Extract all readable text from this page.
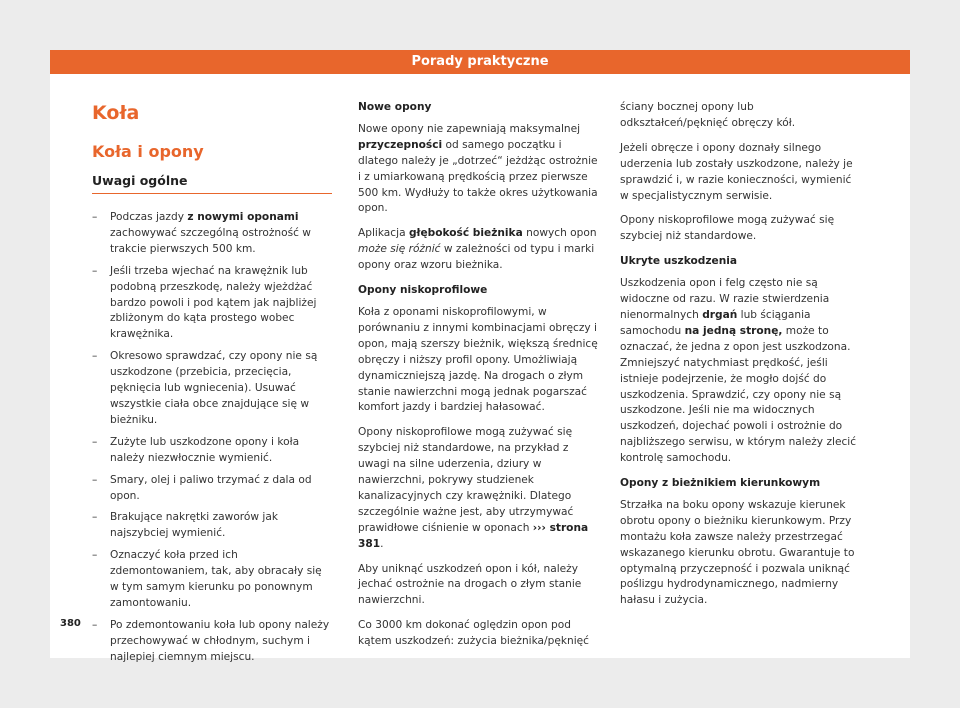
Porady praktyczne
Koła
Koła i opony
Uwagi ogólne
– Podczas jazdy z nowymi oponami zachowywać szczególną ostrożność w trakcie pierwszych 500 km.
– Jeśli trzeba wjechać na krawężnik lub podobną przeszkodę, należy wjeżdżać bardzo powoli i pod kątem jak najbliżej zbliżonym do kąta prostego wobec krawężnika.
– Okresowo sprawdzać, czy opony nie są uszkodzone (przebicia, przecięcia, pęknięcia lub wgniecenia). Usuwać wszystkie ciała obce znajdujące się w bieżniku.
– Zużyte lub uszkodzone opony i koła należy niezwłocznie wymienić.
– Smary, olej i paliwo trzymać z dala od opon.
– Brakujące nakrętki zaworów jak najszybciej wymienić.
– Oznaczyć koła przed ich zdemontowaniem, tak, aby obracały się w tym samym kierunku po ponownym zamontowaniu.
– Po zdemontowaniu koła lub opony należy przechowywać w chłodnym, suchym i najlepiej ciemnym miejscu.
Nowe opony

Nowe opony nie zapewniają maksymalnej przyczepności od samego początku i dlatego należy je „dotrzeć“ jeżdżąc ostrożnie i z umiarkowaną prędkością przez pierwsze 500 km. Wydłuży to także okres użytkowania opon.

Aplikacja głębokość bieżnika nowych opon może się różnić w zależności od typu i marki opony oraz wzoru bieżnika.

Opony niskoprofilowe

Koła z oponami niskoprofilowymi, w porównaniu z innymi kombinacjami obręczy i opon, mają szerszy bieżnik, większą średnicę obręczy i niższy profil opony. Umożliwiają dynamiczniejszą jazdę. Na drogach o złym stanie nawierzchni mogą jednak pogarszać komfort jazdy i bardziej hałasować.

Opony niskoprofilowe mogą zużywać się szybciej niż standardowe, na przykład z uwagi na silne uderzenia, dziury w nawierzchni, pokrywy studzienek kanalizacyjnych czy krawężniki. Dlatego szczególnie ważne jest, aby utrzymywać prawidłowe ciśnienie w oponach ››› strona 381.

Aby uniknąć uszkodzeń opon i kół, należy jechać ostrożnie na drogach o złym stanie nawierzchni.

Co 3000 km dokonać oględzin opon pod kątem uszkodzeń: zużycia bieżnika/pęknięć

ściany bocznej opony lub odkształceń/pęknięć obręczy kół.

Jeżeli obręcze i opony doznały silnego uderzenia lub zostały uszkodzone, należy je sprawdzić i, w razie konieczności, wymienić w specjalistycznym serwisie.

Opony niskoprofilowe mogą zużywać się szybciej niż standardowe.

Ukryte uszkodzenia

Uszkodzenia opon i felg często nie są widoczne od razu. W razie stwierdzenia nienormalnych drgań lub ściągania samochodu na jedną stronę, może to oznaczać, że jedna z opon jest uszkodzona. Zmniejszyć natychmiast prędkość, jeśli istnieje podejrzenie, że mogło dojść do uszkodzenia. Sprawdzić, czy opony nie są uszkodzone. Jeśli nie ma widocznych uszkodzeń, dojechać powoli i ostrożnie do najbliższego serwisu, w którym należy zlecić kontrolę samochodu.

Opony z bieżnikiem kierunkowym

Strzałka na boku opony wskazuje kierunek obrotu opony o bieżniku kierunkowym. Przy montażu koła zawsze należy przestrzegać wskazanego kierunku obrotu. Gwarantuje to optymalną przyczepność i pozwala uniknąć poślizgu hydrodynamicznego, nadmierny hałasu i zużycia.

380
